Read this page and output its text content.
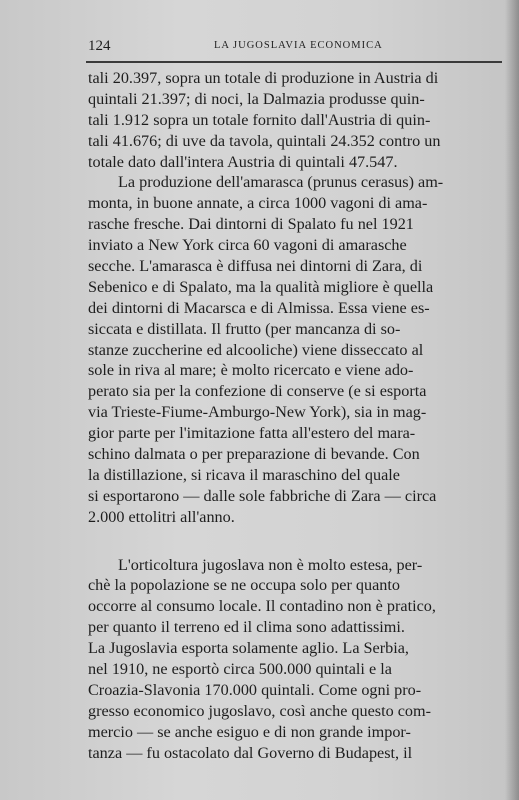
124	LA JUGOSLAVIA ECONOMICA
tali 20.397, sopra un totale di produzione in Austria di
quintali 21.397; di noci, la Dalmazia produsse quin-
tali 1.912 sopra un totale fornito dall'Austria di quin-
tali 41.676; di uve da tavola, quintali 24.352 contro un
totale dato dall'intera Austria di quintali 47.547.
La produzione dell'amarasca (prunus cerasus) am-
monta, in buone annate, a circa 1000 vagoni di ama-
rasche fresche. Dai dintorni di Spalato fu nel 1921
inviato a New York circa 60 vagoni di amarasche
secche. L'amarasca è diffusa nei dintorni di Zara, di
Sebenico e di Spalato, ma la qualità migliore è quella
dei dintorni di Macarsca e di Almissa. Essa viene es-
siccata e distillata. Il frutto (per mancanza di so-
stanze zuccherine ed alcooliche) viene disseccato al
sole in riva al mare; è molto ricercato e viene ado-
perato sia per la confezione di conserve (e si esporta
via Trieste-Fiume-Amburgo-New York), sia in mag-
gior parte per l'imitazione fatta all'estero del mara-
schino dalmata o per preparazione di bevande. Con
la distillazione, si ricava il maraschino del quale
si esportarono — dalle sole fabbriche di Zara — circa
2.000 ettolitri all'anno.
L'orticoltura jugoslava non è molto estesa, per-
chè la popolazione se ne occupa solo per quanto
occorre al consumo locale. Il contadino non è pratico,
per quanto il terreno ed il clima sono adattissimi.
La Jugoslavia esporta solamente aglio. La Serbia,
nel 1910, ne esportò circa 500.000 quintali e la
Croazia-Slavonia 170.000 quintali. Come ogni pro-
gresso economico jugoslavo, così anche questo com-
mercio — se anche esiguo e di non grande impor-
tanza — fu ostacolato dal Governo di Budapest, il
